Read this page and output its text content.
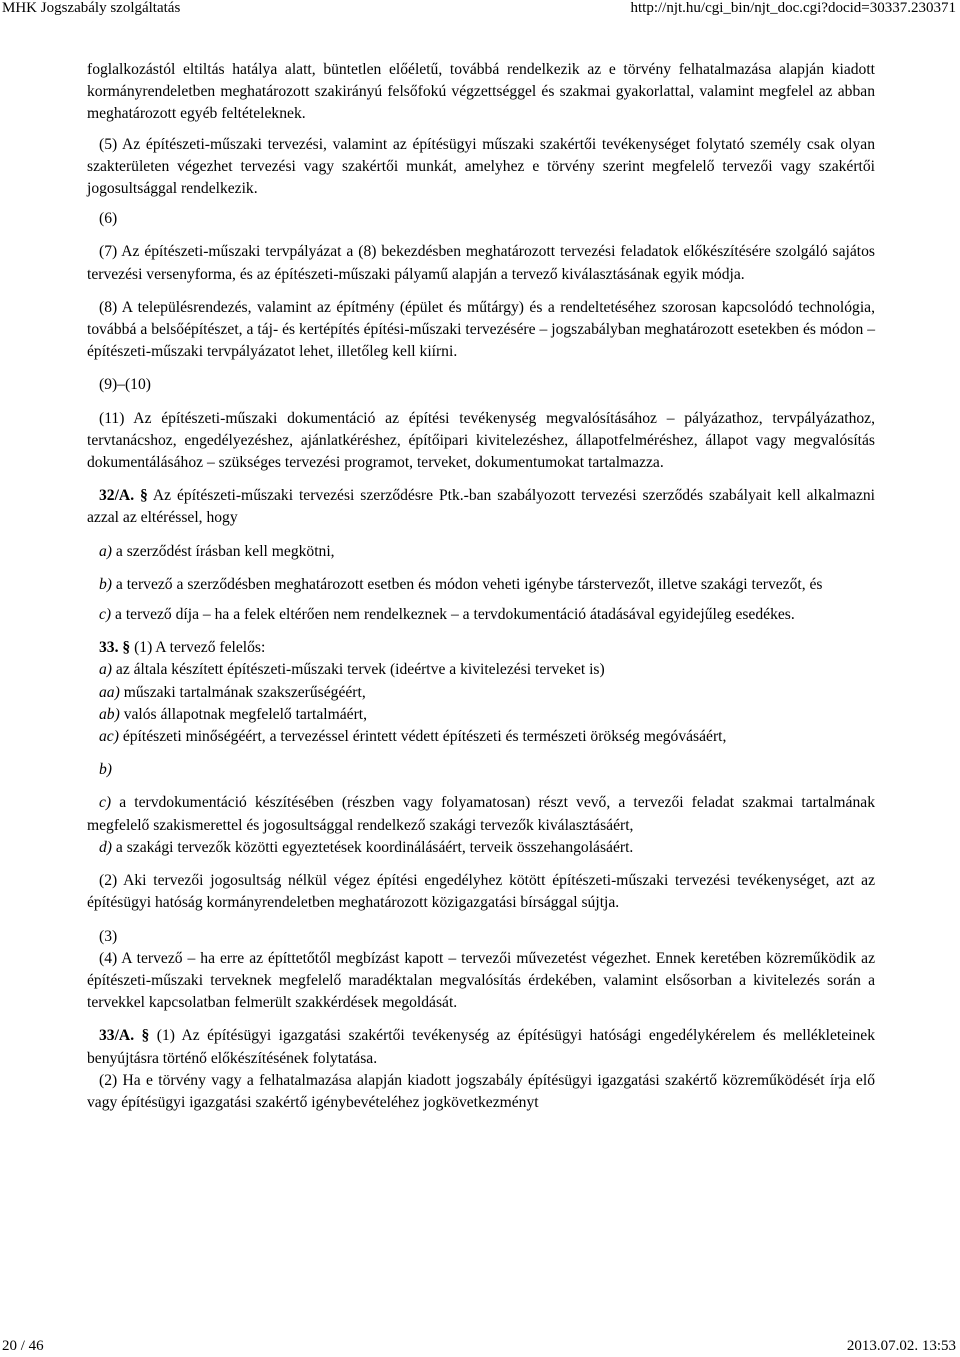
MHK Jogszabály szolgáltatás	http://njt.hu/cgi_bin/njt_doc.cgi?docid=30337.230371

foglalkozástól eltiltás hatálya alatt, büntetlen előéletű, továbbá rendelkezik az e törvény felhatalmazása alapján kiadott kormányrendeletben meghatározott szakirányú felsőfokú végzettséggel és szakmai gyakorlattal, valamint megfelel az abban meghatározott egyéb feltételeknek.

(5) Az építészeti-műszaki tervezési, valamint az építésügyi műszaki szakértői tevékenységet folytató személy csak olyan szakterületen végezhet tervezési vagy szakértői munkát, amelyhez e törvény szerint megfelelő tervezői vagy szakértői jogosultsággal rendelkezik.

(6)

(7) Az építészeti-műszaki tervpályázat a (8) bekezdésben meghatározott tervezési feladatok előkészítésére szolgáló sajátos tervezési versenyforma, és az építészeti-műszaki pályamű alapján a tervező kiválasztásának egyik módja.

(8) A településrendezés, valamint az építmény (épület és műtárgy) és a rendeltetéséhez szorosan kapcsolódó technológia, továbbá a belsőépítészet, a táj- és kertépítés építési-műszaki tervezésére – jogszabályban meghatározott esetekben és módon – építészeti-műszaki tervpályázatot lehet, illetőleg kell kiírni.

(9)–(10)

(11) Az építészeti-műszaki dokumentáció az építési tevékenység megvalósításához – pályázathoz, tervpályázathoz, tervtanácshoz, engedélyezéshez, ajánlatkéréshez, építőipari kivitelezéshez, állapotfelméréshez, állapot vagy megvalósítás dokumentálásához – szükséges tervezési programot, terveket, dokumentumokat tartalmazza.

32/A. § Az építészeti-műszaki tervezési szerződésre Ptk.-ban szabályozott tervezési szerződés szabályait kell alkalmazni azzal az eltéréssel, hogy

a) a szerződést írásban kell megkötni,

b) a tervező a szerződésben meghatározott esetben és módon veheti igénybe társtervezőt, illetve szakági tervezőt, és

c) a tervező díja – ha a felek eltérően nem rendelkeznek – a tervdokumentáció átadásával egyidejűleg esedékes.

33. § (1) A tervező felelős:

a) az általa készített építészeti-műszaki tervek (ideértve a kivitelezési terveket is)

aa) műszaki tartalmának szakszerűségéért,

ab) valós állapotnak megfelelő tartalmáért,

ac) építészeti minőségéért, a tervezéssel érintett védett építészeti és természeti örökség megóvásáért,

b)

c) a tervdokumentáció készítésében (részben vagy folyamatosan) részt vevő, a tervezői feladat szakmai tartalmának megfelelő szakismerettel és jogosultsággal rendelkező szakági tervezők kiválasztásáért,

d) a szakági tervezők közötti egyeztetések koordinálásáért, terveik összehangolásáért.

(2) Aki tervezői jogosultság nélkül végez építési engedélyhez kötött építészeti-műszaki tervezési tevékenységet, azt az építésügyi hatóság kormányrendeletben meghatározott közigazgatási bírsággal sújtja.

(3)

(4) A tervező – ha erre az építtetőtől megbízást kapott – tervezői művezetést végezhet. Ennek keretében közreműködik az építészeti-műszaki terveknek megfelelő maradéktalan megvalósítás érdekében, valamint elsősorban a kivitelezés során a tervekkel kapcsolatban felmerült szakkérdések megoldását.

33/A. § (1) Az építésügyi igazgatási szakértői tevékenység az építésügyi hatósági engedélykérelem és mellékleteinek benyújtásra történő előkészítésének folytatása.

(2) Ha e törvény vagy a felhatalmazása alapján kiadott jogszabály építésügyi igazgatási szakértő közreműködését írja elő vagy építésügyi igazgatási szakértő igénybevételéhez jogkövetkezményt

20 / 46	2013.07.02. 13:53
